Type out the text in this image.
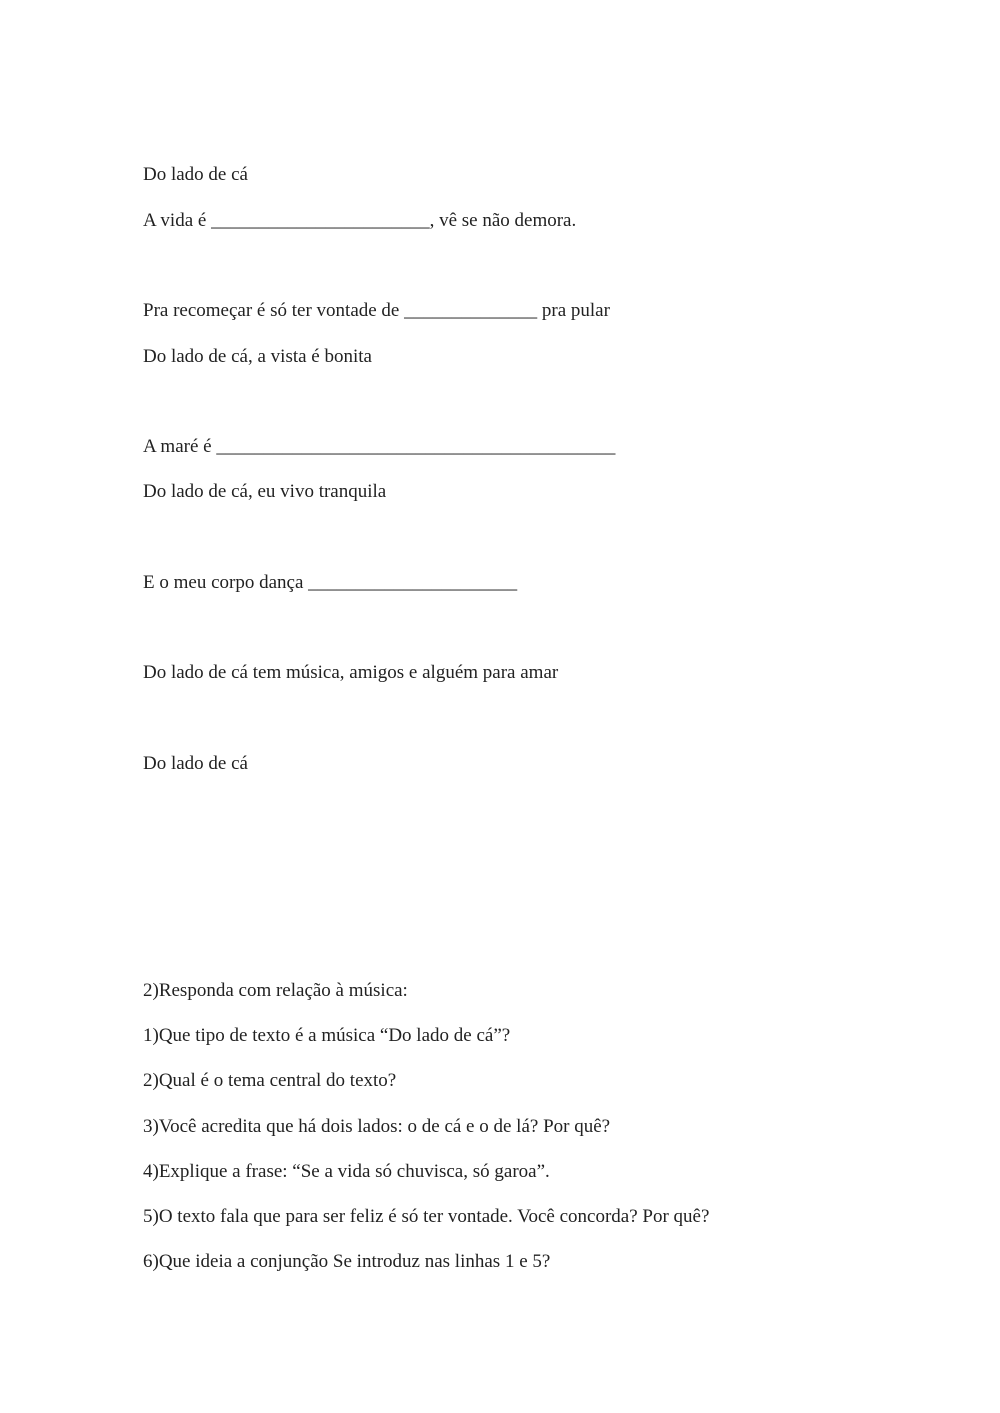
Do lado de cá

A vida é _______________________, vê se não demora.

Pra recomeçar é só ter vontade de ______________ pra pular

Do lado de cá, a vista é bonita

A maré é __________________________________________

Do lado de cá, eu vivo tranquila

E o meu corpo dança ______________________

Do lado de cá tem música, amigos e alguém para amar

Do lado de cá

2)Responda com relação à música:

1)Que tipo de texto é a música “Do lado de cá”?

2)Qual é o tema central do texto?

3)Você acredita que há dois lados: o de cá e o de lá? Por quê?

4)Explique a frase: “Se a vida só chuvisca, só garoa”.

5)O texto fala que para ser feliz é só ter vontade. Você concorda? Por quê?

6)Que ideia a conjunção Se introduz nas linhas 1 e 5?
